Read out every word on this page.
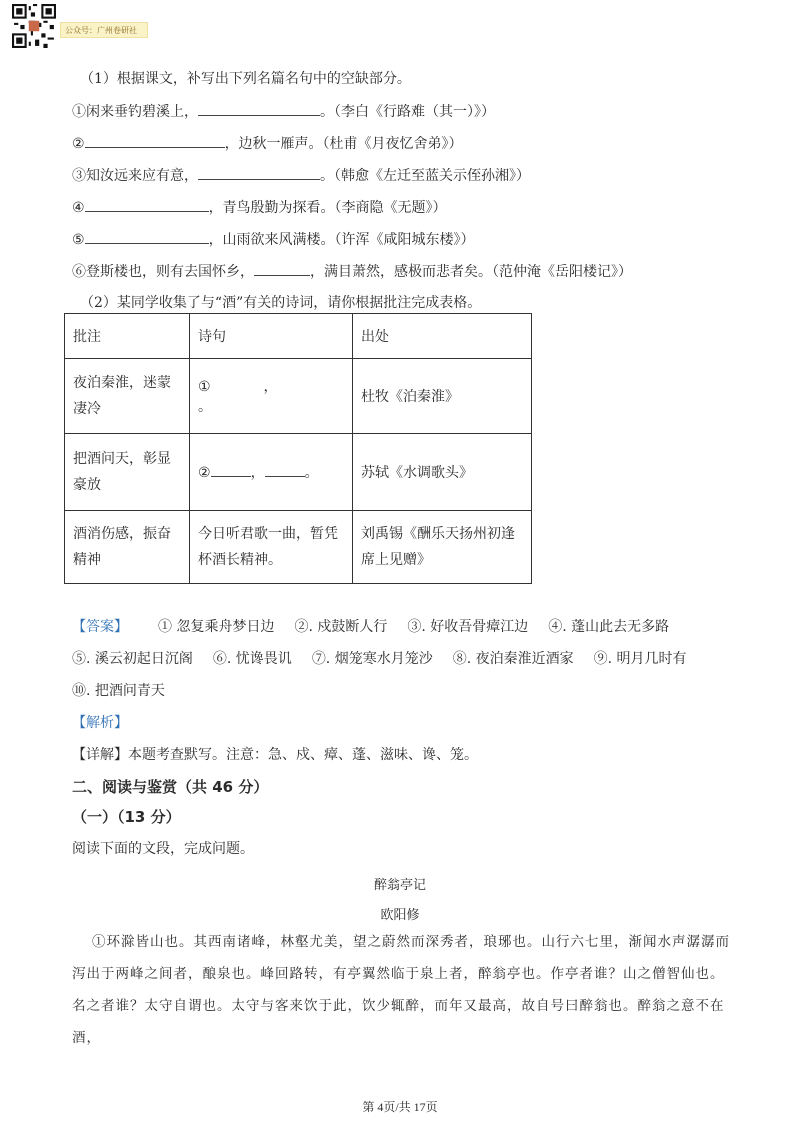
公众号：广州卷研社
（1）根据课文，补写出下列名篇名句中的空缺部分。
①闲来垂钓碧溪上，	。（李白《行路难（其一）》）
②	，边秋一雁声。（杜甫《月夜忆舍弟》）
③知汝远来应有意，	。（韩愈《左迁至蓝关示侄孙湘》）
④	，青鸟殷勤为探看。（李商隐《无题》）
⑤	，山雨欲来风满楼。（许浑《咸阳城东楼》）
⑥登斯楼也，则有去国怀乡，	，满目萧然，感极而悲者矣。（范仲淹《岳阳楼记》）
（2）某同学收集了与“酒”有关的诗词，请你根据批注完成表格。
批注	诗句	出处
夜泊秦淮，迷蒙凄冷	① ，  。	杜牧《泊秦淮》
把酒问天，彰显豪放	② ， 。	苏轼《水调歌头》
酒消伤感，振奋精神	今日听君歌一曲，暂凭杯酒长精神。	刘禹锡《酬乐天扬州初逢席上见赠》
【答案】 ① 忽复乘舟梦日边 ②. 戍鼓断人行 ③. 好收吾骨瘴江边 ④. 蓬山此去无多路
⑤. 溪云初起日沉阁 ⑥. 忧谗畏讥 ⑦. 烟笼寒水月笼沙 ⑧. 夜泊秦淮近酒家 ⑨. 明月几时有
⑩. 把酒问青天
【解析】
【详解】本题考查默写。注意：急、戍、瘴、蓬、滋味、谗、笼。
二、阅读与鉴赏（共 46 分）
（一）（13 分）
阅读下面的文段，完成问题。
醉翁亭记
欧阳修
①环滁皆山也。其西南诸峰，林壑尤美，望之蔚然而深秀者，琅琊也。山行六七里，渐闻水声潺潺而泻出于两峰之间者，酿泉也。峰回路转，有亭翼然临于泉上者，醉翁亭也。作亭者谁？山之僧智仙也。名之者谁？太守自谓也。太守与客来饮于此，饮少辄醉，而年又最高，故自号曰醉翁也。醉翁之意不在酒，
第 4页/共 17页
